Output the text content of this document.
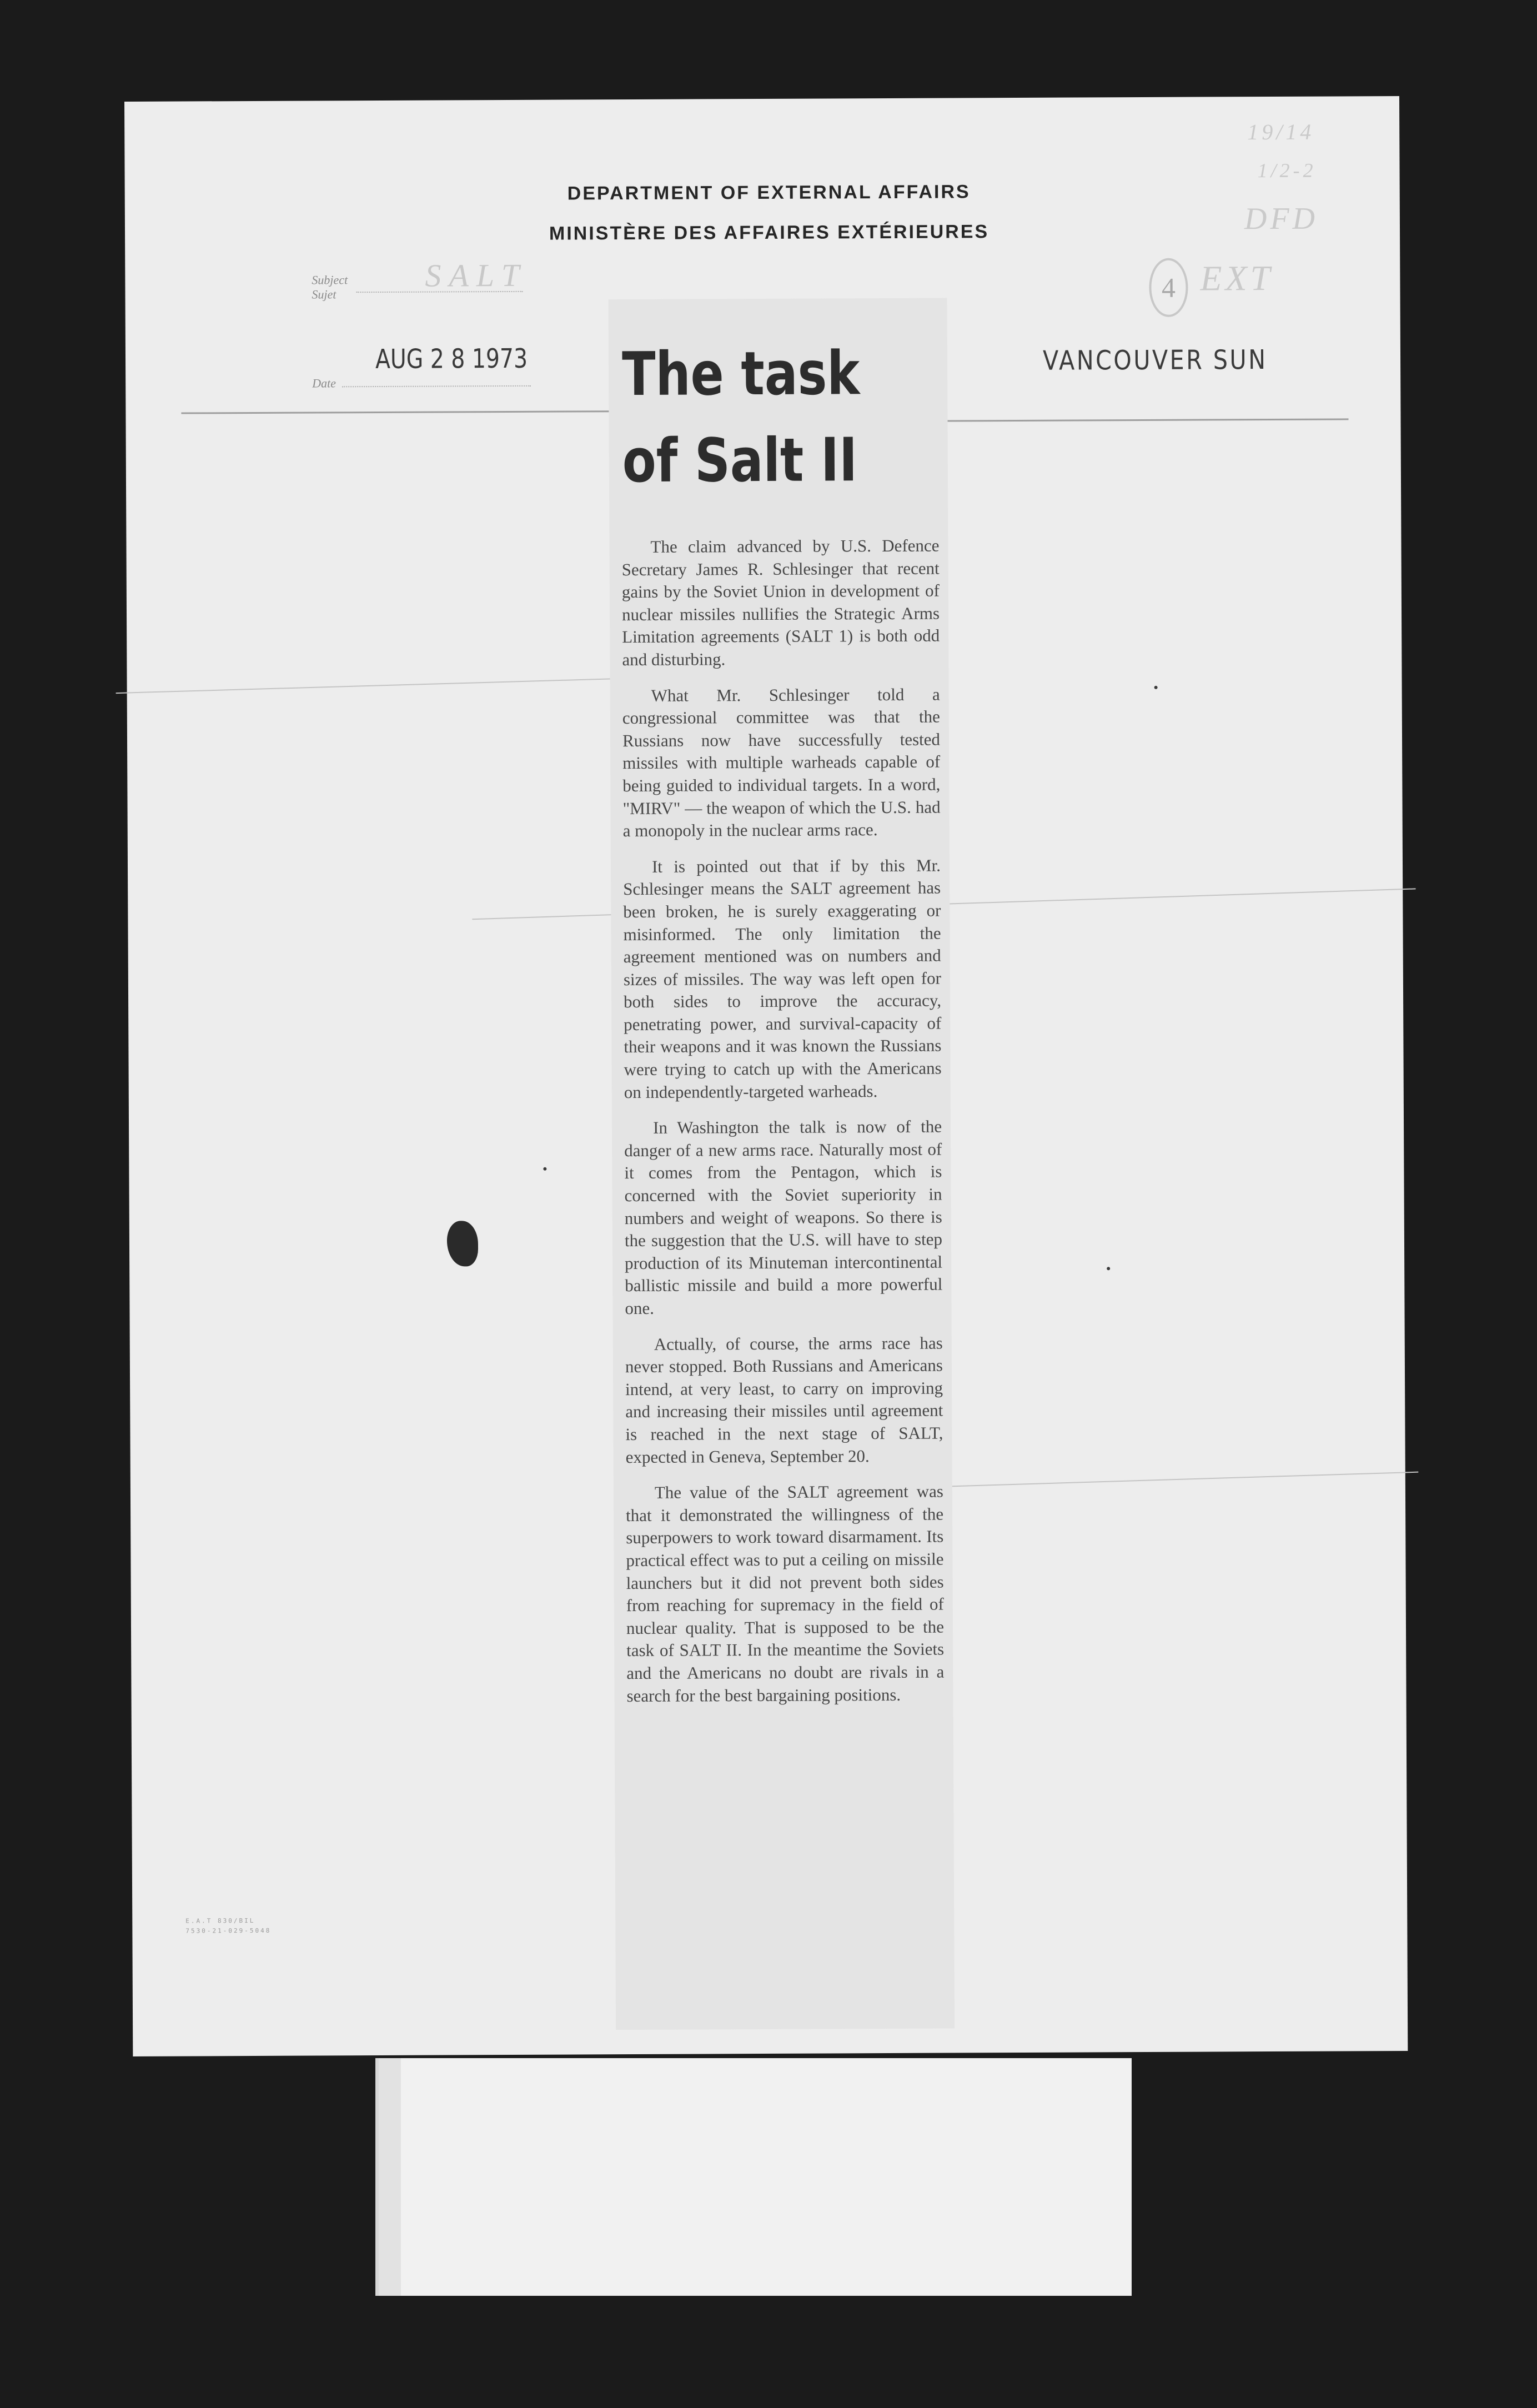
DEPARTMENT OF EXTERNAL AFFAIRS
MINISTÈRE DES AFFAIRES EXTÉRIEURES
Subject
Sujet
SALT
AUG 2 8 1973
Date
VANCOUVER SUN
4 EXT
19/14
1/2-2
DFD
The task
of Salt II

The claim advanced by U.S. Defence Secretary James R. Schlesinger that recent gains by the Soviet Union in development of nuclear missiles nullifies the Strategic Arms Limitation agreements (SALT 1) is both odd and disturbing.

What Mr. Schlesinger told a congressional committee was that the Russians now have successfully tested missiles with multiple warheads capable of being guided to individual targets. In a word, "MIRV" — the weapon of which the U.S. had a monopoly in the nuclear arms race.

It is pointed out that if by this Mr. Schlesinger means the SALT agreement has been broken, he is surely exaggerating or misinformed. The only limitation the agreement mentioned was on numbers and sizes of missiles. The way was left open for both sides to improve the accuracy, penetrating power, and survival-capacity of their weapons and it was known the Russians were trying to catch up with the Americans on independently-targeted warheads.

In Washington the talk is now of the danger of a new arms race. Naturally most of it comes from the Pentagon, which is concerned with the Soviet superiority in numbers and weight of weapons. So there is the suggestion that the U.S. will have to step production of its Minuteman intercontinental ballistic missile and build a more powerful one.

Actually, of course, the arms race has never stopped. Both Russians and Americans intend, at very least, to carry on improving and increasing their missiles until agreement is reached in the next stage of SALT, expected in Geneva, September 20.

The value of the SALT agreement was that it demonstrated the willingness of the superpowers to work toward disarmament. Its practical effect was to put a ceiling on missile launchers but it did not prevent both sides from reaching for supremacy in the field of nuclear quality. That is supposed to be the task of SALT II. In the meantime the Soviets and the Americans no doubt are rivals in a search for the best bargaining positions.

E.A.T 830/BIL
7530-21-029-5048
